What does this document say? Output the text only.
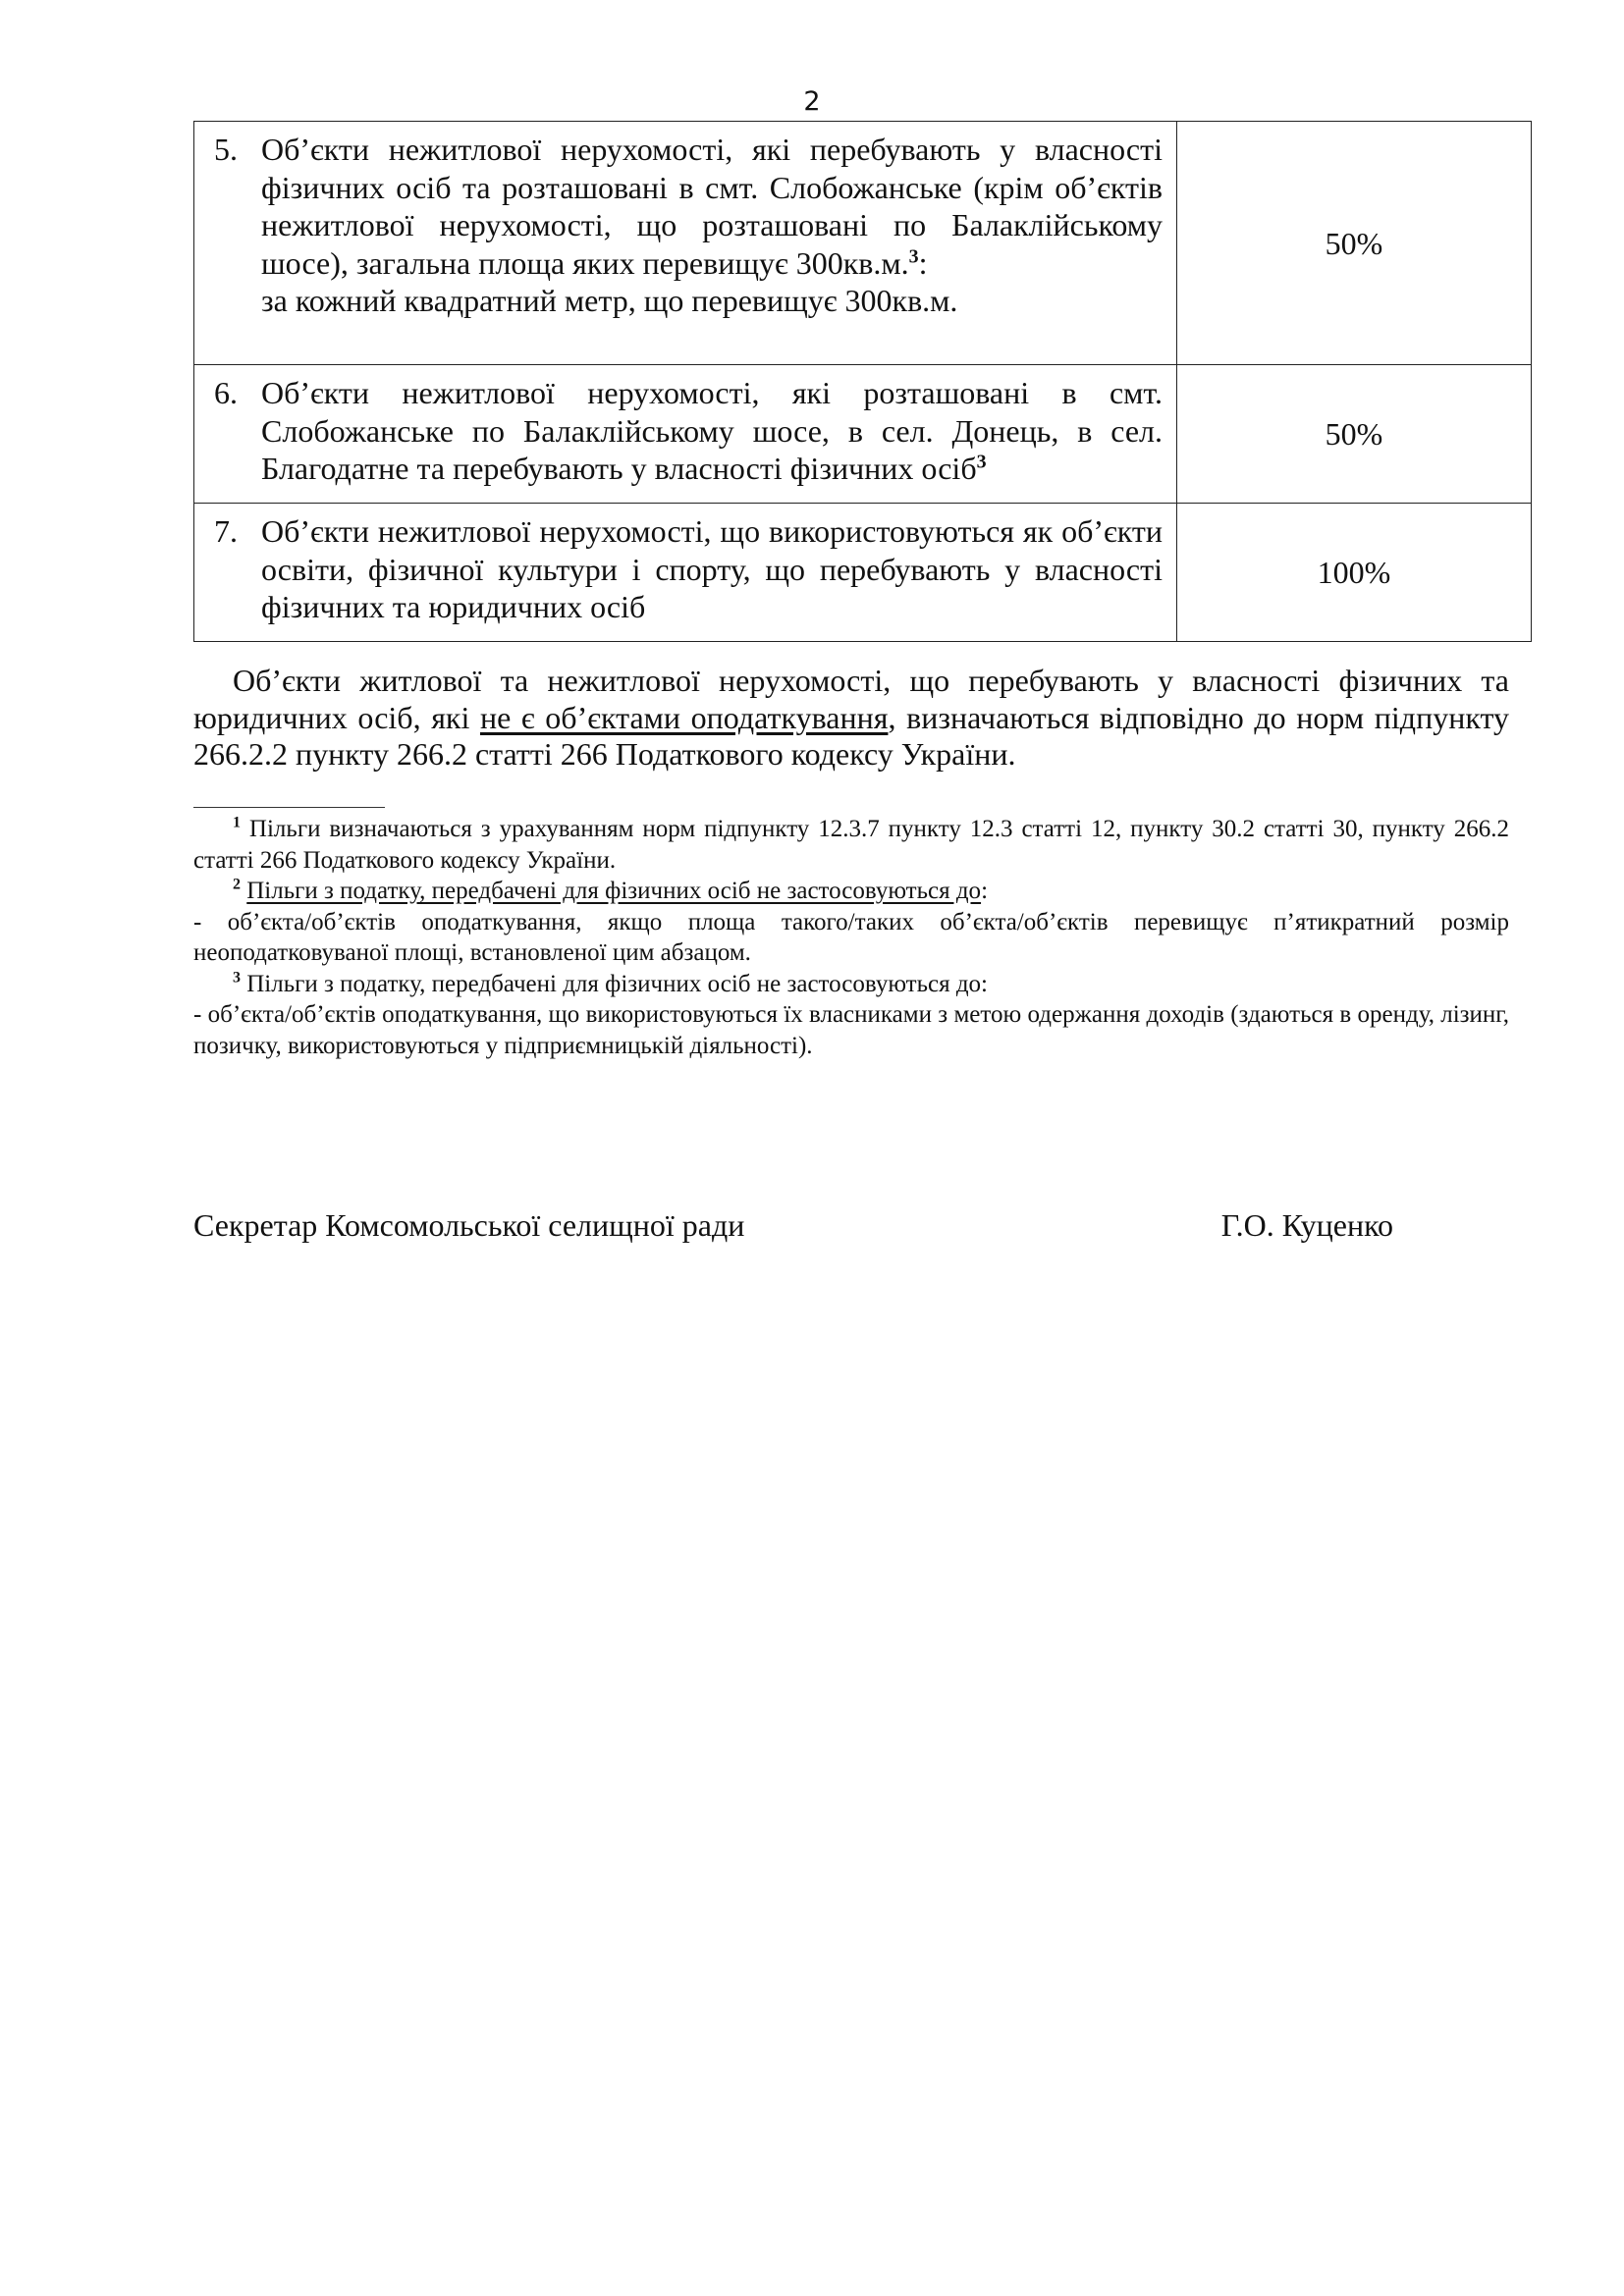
2
5. Об’єкти нежитлової нерухомості, які перебувають у власності фізичних осіб та розташовані в смт. Слобожанське (крім об’єктів нежитлової нерухомості, що розташовані по Балаклійському шосе), загальна площа яких перевищує 300кв.м.$^3$:
за кожний квадратний метр, що перевищує 300кв.м.	50%

6. Об’єкти нежитлової нерухомості, які розташовані в смт. Слобожанське по Балаклійському шосе, в сел. Донець, в сел. Благодатне та перебувають у власності фізичних осіб$^3$	50%

7. Об’єкти нежитлової нерухомості, що використовуються як об’єкти освіти, фізичної культури і спорту, що перебувають у власності фізичних та юридичних осіб	100%

Об’єкти житлової та нежитлової нерухомості, що перебувають у власності фізичних та юридичних осіб, які не є об’єктами оподаткування, визначаються відповідно до норм підпункту 266.2.2 пункту 266.2 статті 266 Податкового кодексу України.

$^1$ Пільги визначаються з урахуванням норм підпункту 12.3.7 пункту 12.3 статті 12, пункту 30.2 статті 30, пункту 266.2 статті 266 Податкового кодексу України.

$^2$ Пільги з податку, передбачені для фізичних осіб не застосовуються до:

- об’єкта/об’єктів оподаткування, якщо площа такого/таких об’єкта/об’єктів перевищує п’ятикратний розмір неоподатковуваної площі, встановленої цим абзацом.

$^3$ Пільги з податку, передбачені для фізичних осіб не застосовуються до:

- об’єкта/об’єктів оподаткування, що використовуються їх власниками з метою одержання доходів (здаються в оренду, лізинг, позичку, використовуються у підприємницькій діяльності).

Секретар Комсомольської селищної ради	Г.О. Куценко
